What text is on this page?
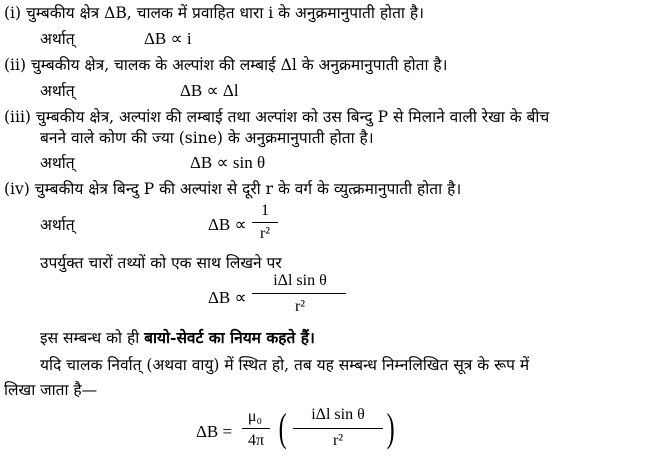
(i) चुम्बकीय क्षेत्र ΔB, चालक में प्रवाहित धारा i के अनुक्रमानुपाती होता है।
अर्थात्	ΔB ∝ i
(ii) चुम्बकीय क्षेत्र, चालक के अल्पांश की लम्बाई Δl के अनुक्रमानुपाती होता है।
अर्थात्	ΔB ∝ Δl
(iii) चुम्बकीय क्षेत्र, अल्पांश की लम्बाई तथा अल्पांश को उस बिन्दु P से मिलाने वाली रेखा के बीच
बनने वाले कोण की ज्या (sine) के अनुक्रमानुपाती होता है।
अर्थात्	ΔB ∝ sin θ
(iv) चुम्बकीय क्षेत्र बिन्दु P की अल्पांश से दूरी r के वर्ग के व्युत्क्रमानुपाती होता है।
अर्थात्	ΔB ∝
1
r²
उपर्युक्त चारों तथ्यों को एक साथ लिखने पर
ΔB ∝
iΔl sin θ
r²
इस सम्बन्ध को ही बायो-सेवर्ट का नियम कहते हैं।
यदि चालक निर्वात् (अथवा वायु) में स्थित हो, तब यह सम्बन्ध निम्नलिखित सूत्र के रूप में
लिखा जाता है—
ΔB =
μ₀
4π (	iΔl sin θ
r²	)
